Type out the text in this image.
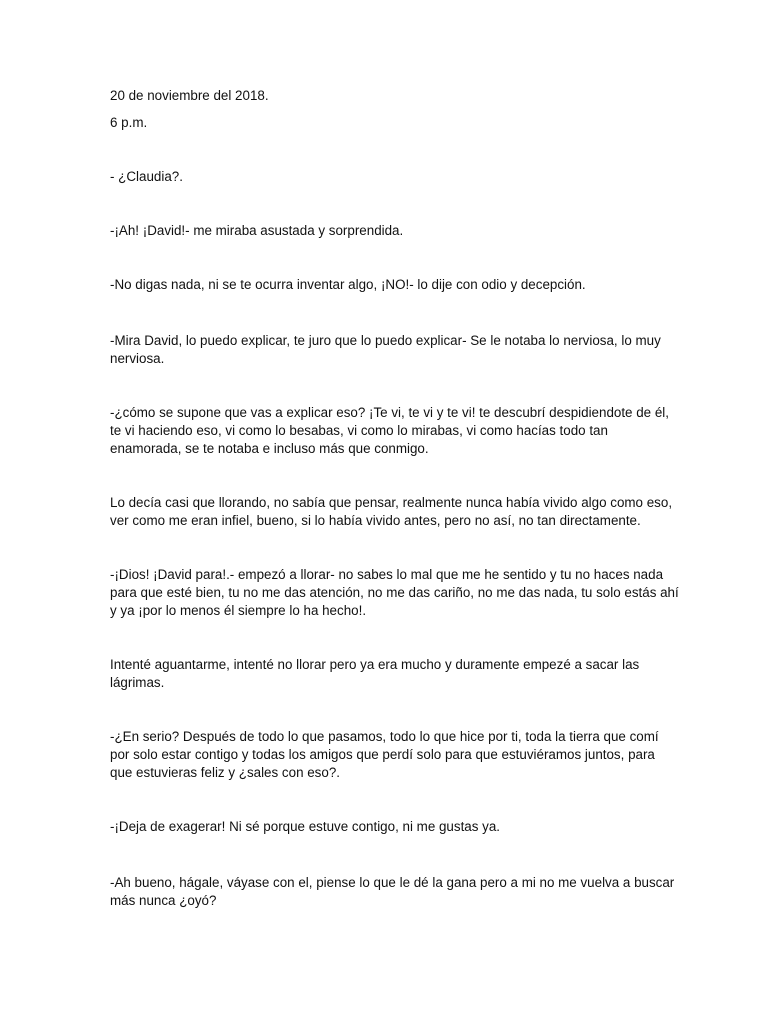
20 de noviembre del 2018.

6 p.m.

- ¿Claudia?.
-¡Ah! ¡David!- me miraba asustada y sorprendida.
-No digas nada, ni se te ocurra inventar algo, ¡NO!- lo dije con odio y decepción.
-Mira David, lo puedo explicar, te juro que lo puedo explicar- Se le notaba lo nerviosa, lo muy
nerviosa.
-¿cómo se supone que vas a explicar eso? ¡Te vi, te vi y te vi! te descubrí despidiendote de él,
te vi haciendo eso, vi como lo besabas, vi como lo mirabas, vi como hacías todo tan
enamorada, se te notaba e incluso más que conmigo.
Lo decía casi que llorando, no sabía que pensar, realmente nunca había vivido algo como eso,
ver como me eran infiel, bueno, si lo había vivido antes, pero no así, no tan directamente.
-¡Dios! ¡David para!.- empezó a llorar- no sabes lo mal que me he sentido y tu no haces nada
para que esté bien, tu no me das atención, no me das cariño, no me das nada, tu solo estás ahí
y ya ¡por lo menos él siempre lo ha hecho!.
Intenté aguantarme, intenté no llorar pero ya era mucho y duramente empezé a sacar las
lágrimas.
-¿En serio? Después de todo lo que pasamos, todo lo que hice por ti, toda la tierra que comí
por solo estar contigo y todas los amigos que perdí solo para que estuviéramos juntos, para
que estuvieras feliz y ¿sales con eso?.
-¡Deja de exagerar! Ni sé porque estuve contigo, ni me gustas ya.
-Ah bueno, hágale, váyase con el, piense lo que le dé la gana pero a mi no me vuelva a buscar
más nunca ¿oyó?
